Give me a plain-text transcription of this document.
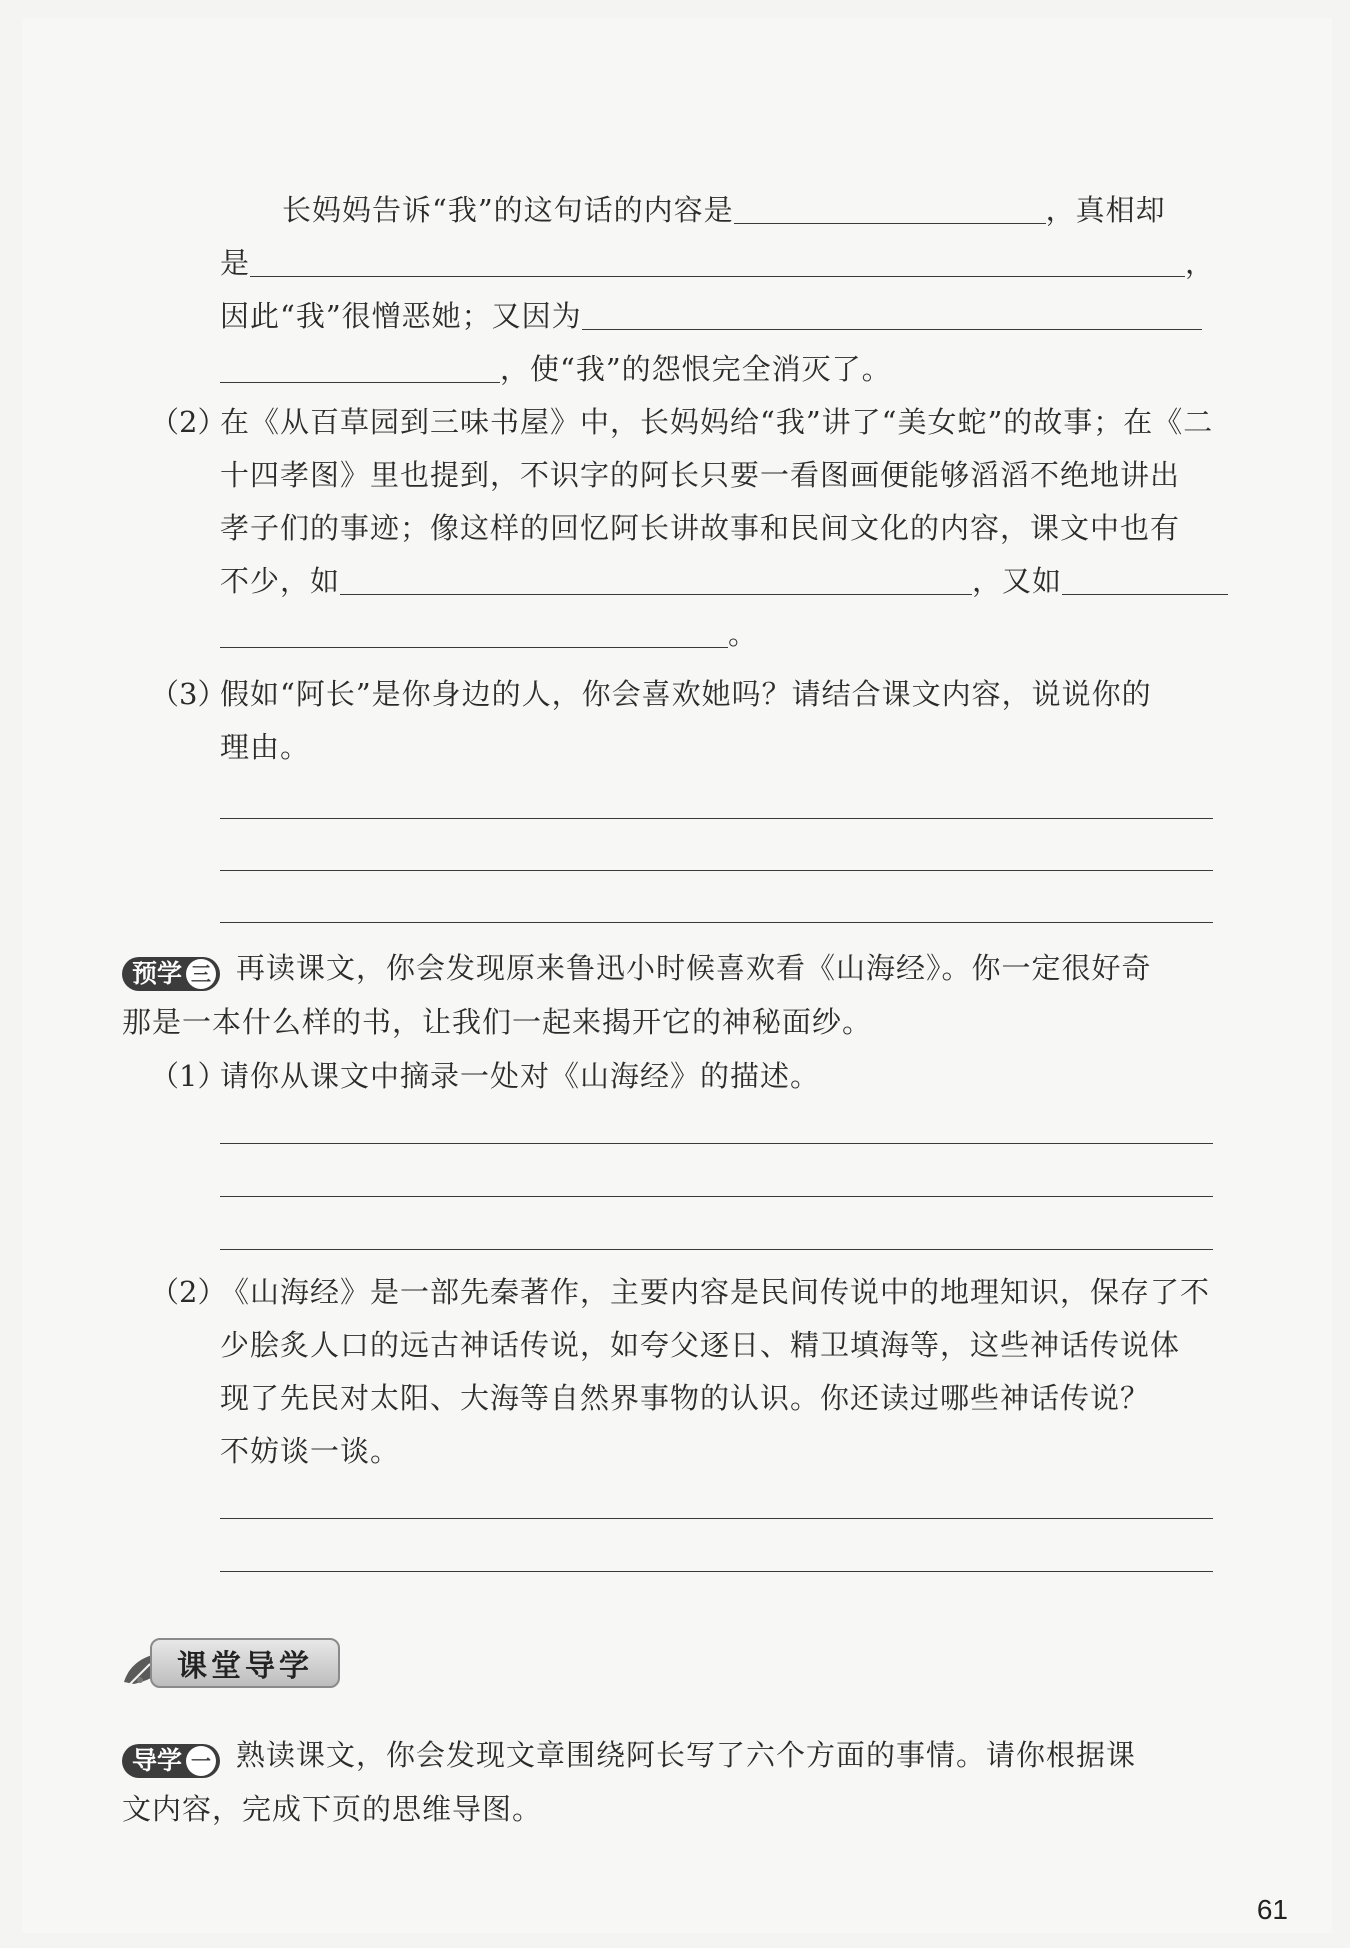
长妈妈告诉“我”的这句话的内容是	，真相却
是	，
因此“我”很憎恶她；又因为
，使“我”的怨恨完全消灭了。
（2）
在《从百草园到三味书屋》中，长妈妈给“我”讲了“美女蛇”的故事；在《二
十四孝图》里也提到，不识字的阿长只要一看图画便能够滔滔不绝地讲出
孝子们的事迹；像这样的回忆阿长讲故事和民间文化的内容，课文中也有
不少，如	，又如
。
（3）
假如“阿长”是你身边的人，你会喜欢她吗？请结合课文内容，说说你的
理由。
预学 三 再读课文，你会发现原来鲁迅小时候喜欢看《山海经》。你一定很好奇
那是一本什么样的书，让我们一起来揭开它的神秘面纱。
（1）
请你从课文中摘录一处对《山海经》的描述。
（2）
《山海经》是一部先秦著作，主要内容是民间传说中的地理知识，保存了不
少脍炙人口的远古神话传说，如夸父逐日、精卫填海等，这些神话传说体
现了先民对太阳、大海等自然界事物的认识。你还读过哪些神话传说？
不妨谈一谈。
课堂导学
导学 一 熟读课文，你会发现文章围绕阿长写了六个方面的事情。请你根据课
文内容，完成下页的思维导图。
61
